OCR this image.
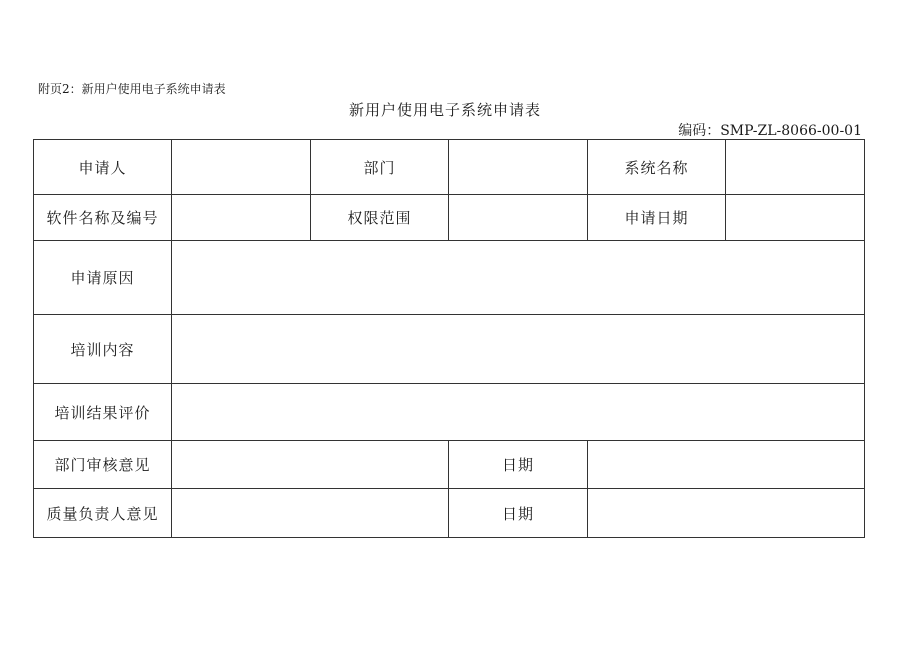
附页2：新用户使用电子系统申请表
新用户使用电子系统申请表
编码：SMP-ZL-8066-00-01
申请人		部门		系统名称	
软件名称及编号		权限范围		申请日期	
申请原因					
培训内容					
培训结果评价					
部门审核意见			日期		
质量负责人意见			日期		
